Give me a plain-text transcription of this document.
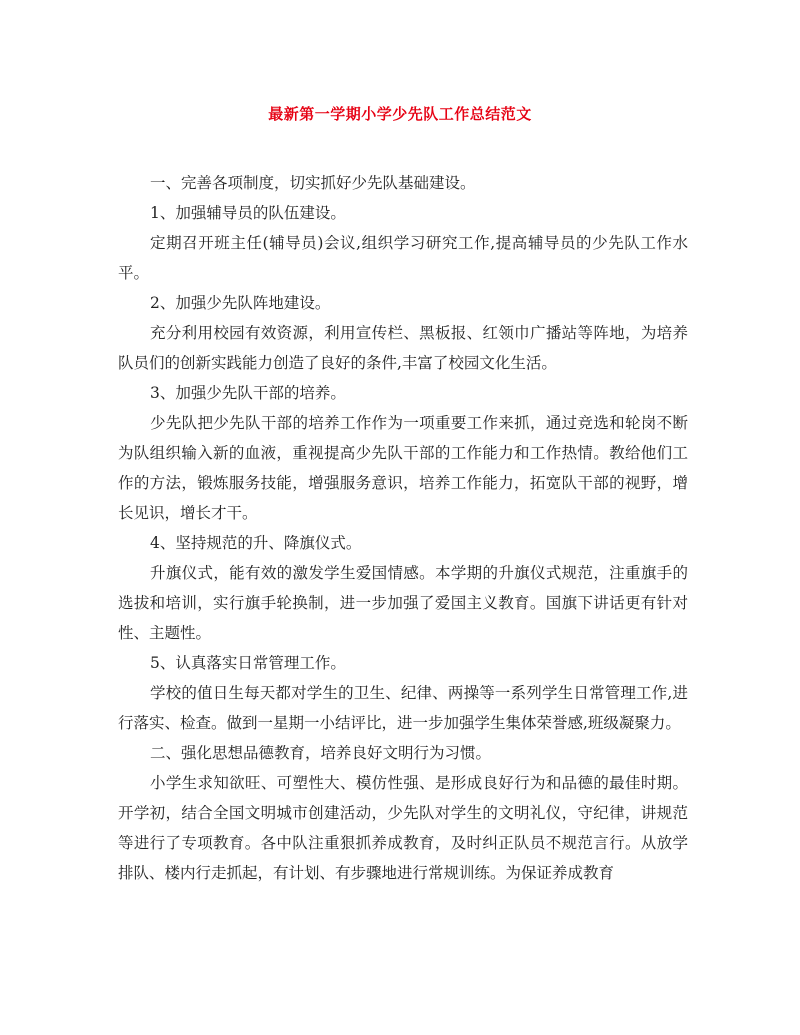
最新第一学期小学少先队工作总结范文

一、完善各项制度，切实抓好少先队基础建设。

1、加强辅导员的队伍建设。

定期召开班主任(辅导员)会议,组织学习研究工作,提高辅导员的少先队工作水平。

2、加强少先队阵地建设。

充分利用校园有效资源，利用宣传栏、黑板报、红领巾广播站等阵地，为培养队员们的创新实践能力创造了良好的条件,丰富了校园文化生活。

3、加强少先队干部的培养。

少先队把少先队干部的培养工作作为一项重要工作来抓，通过竞选和轮岗不断为队组织输入新的血液，重视提高少先队干部的工作能力和工作热情。教给他们工作的方法，锻炼服务技能，增强服务意识，培养工作能力，拓宽队干部的视野，增长见识，增长才干。

4、坚持规范的升、降旗仪式。

升旗仪式，能有效的激发学生爱国情感。本学期的升旗仪式规范，注重旗手的选拔和培训，实行旗手轮换制，进一步加强了爱国主义教育。国旗下讲话更有针对性、主题性。

5、认真落实日常管理工作。

学校的值日生每天都对学生的卫生、纪律、两操等一系列学生日常管理工作,进行落实、检查。做到一星期一小结评比，进一步加强学生集体荣誉感,班级凝聚力。

二、强化思想品德教育，培养良好文明行为习惯。

小学生求知欲旺、可塑性大、模仿性强、是形成良好行为和品德的最佳时期。开学初，结合全国文明城市创建活动，少先队对学生的文明礼仪，守纪律，讲规范等进行了专项教育。各中队注重狠抓养成教育，及时纠正队员不规范言行。从放学排队、楼内行走抓起，有计划、有步骤地进行常规训练。为保证养成教育
